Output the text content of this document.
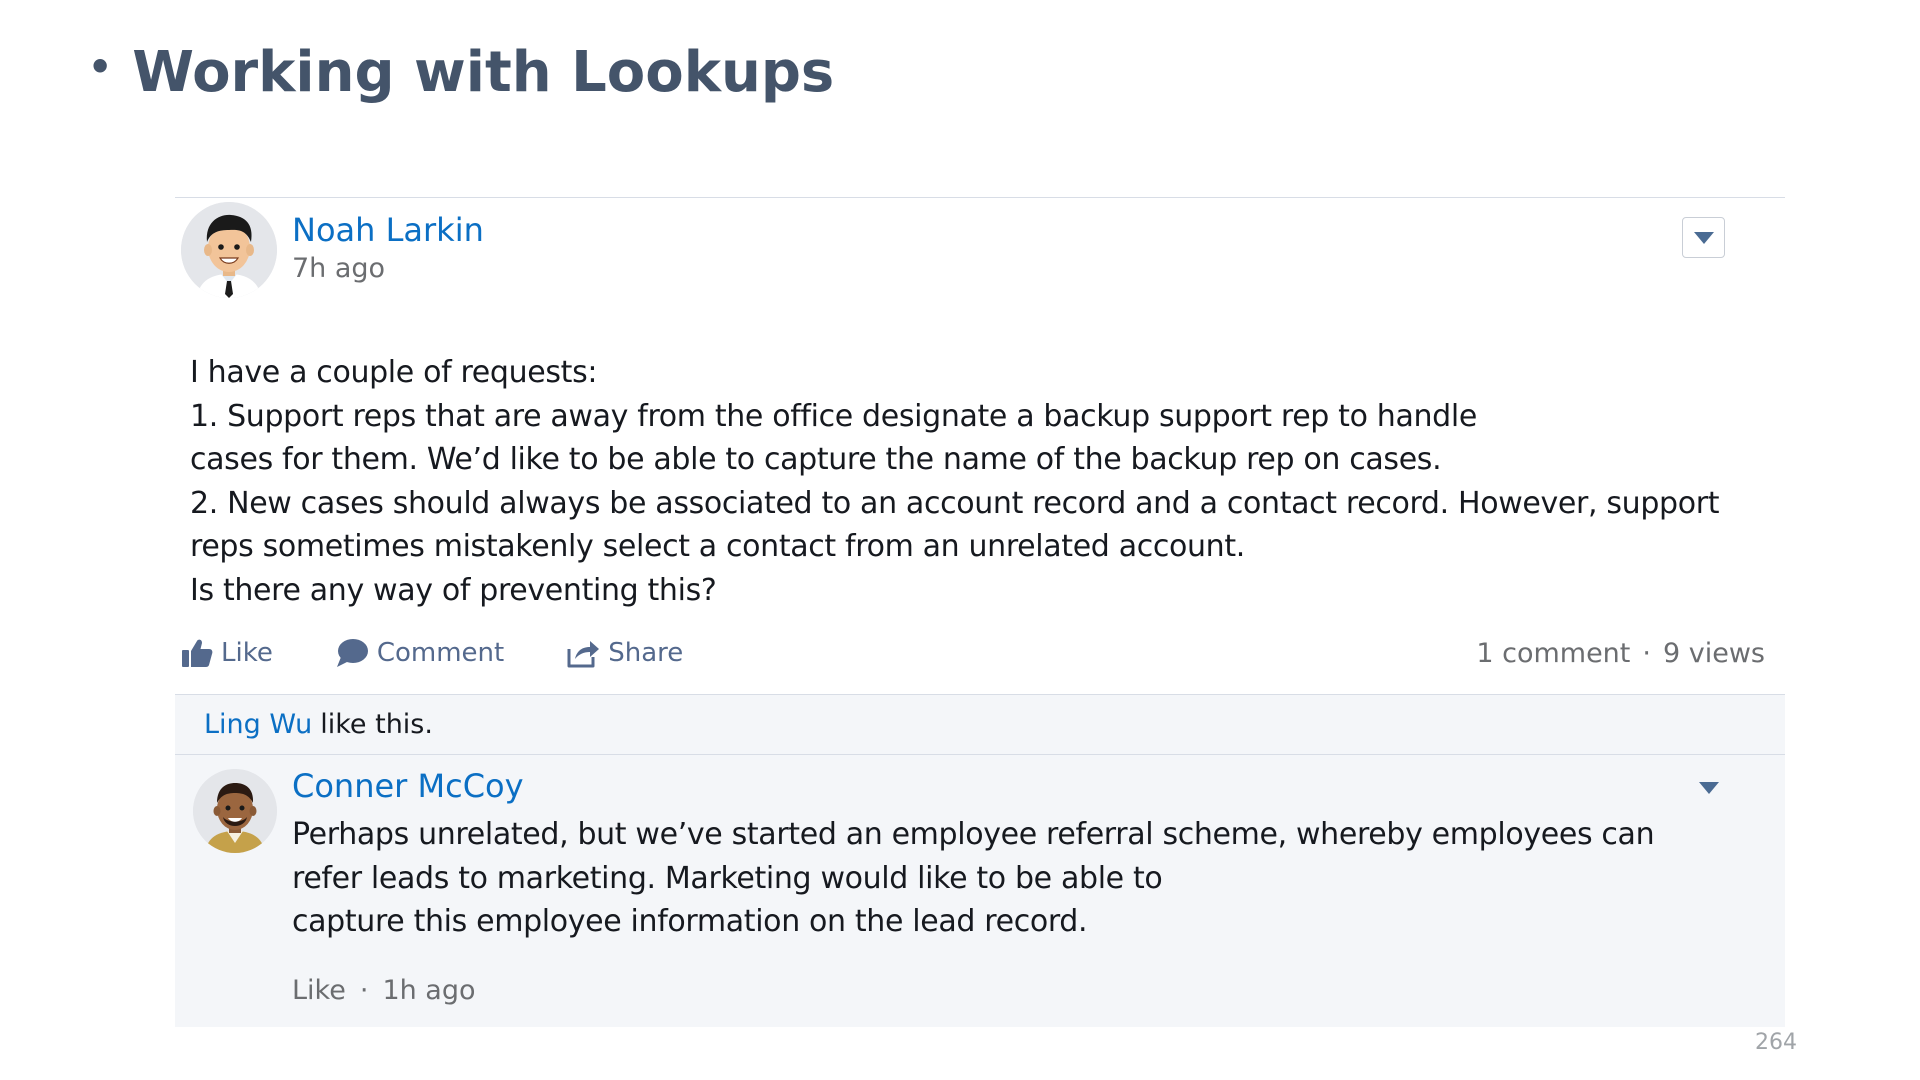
• Working with Lookups
Noah Larkin
7h ago
I have a couple of requests:
1. Support reps that are away from the office designate a backup support rep to handle
cases for them. We’d like to be able to capture the name of the backup rep on cases.
2. New cases should always be associated to an account record and a contact record. However, support
reps sometimes mistakenly select a contact from an unrelated account.
Is there any way of preventing this?
Like	Comment	Share	1 comment · 9 views
Ling Wu like this.
Conner McCoy
Perhaps unrelated, but we’ve started an employee referral scheme, whereby employees can
refer leads to marketing. Marketing would like to be able to
capture this employee information on the lead record.
Like · 1h ago
264
